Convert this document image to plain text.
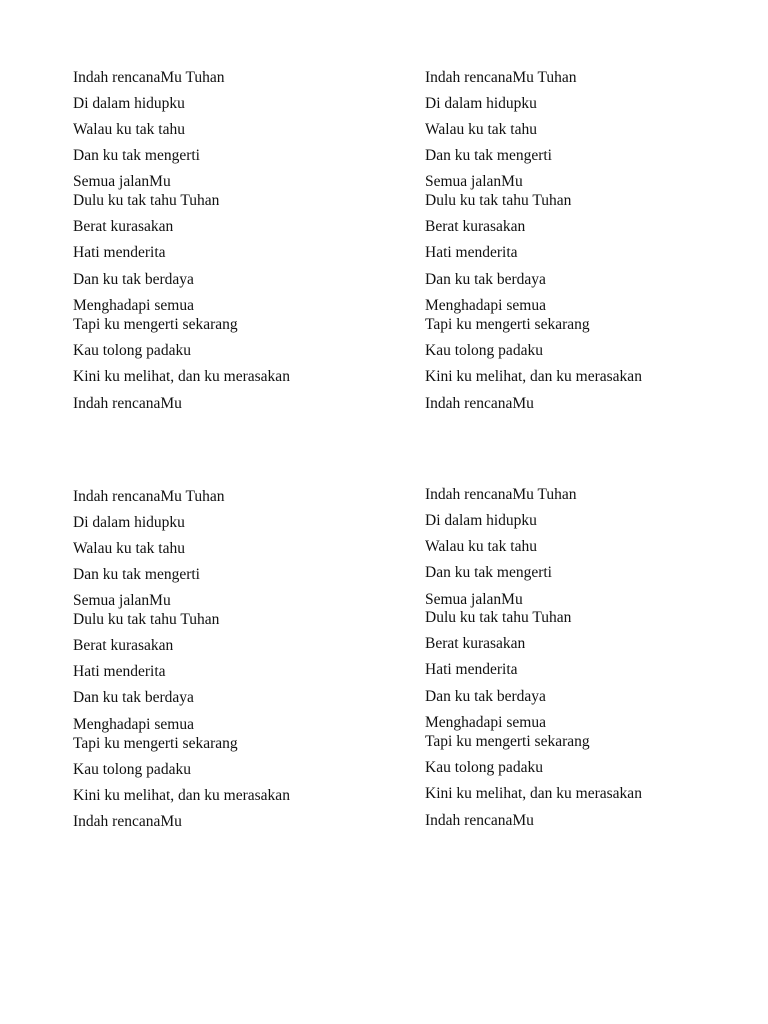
Indah rencanaMu Tuhan
Di dalam hidupku
Walau ku tak tahu
Dan ku tak mengerti
Semua jalanMu
Dulu ku tak tahu Tuhan
Berat kurasakan
Hati menderita
Dan ku tak berdaya
Menghadapi semua
Tapi ku mengerti sekarang
Kau tolong padaku
Kini ku melihat, dan ku merasakan
Indah rencanaMu
Indah rencanaMu Tuhan
Di dalam hidupku
Walau ku tak tahu
Dan ku tak mengerti
Semua jalanMu
Dulu ku tak tahu Tuhan
Berat kurasakan
Hati menderita
Dan ku tak berdaya
Menghadapi semua
Tapi ku mengerti sekarang
Kau tolong padaku
Kini ku melihat, dan ku merasakan
Indah rencanaMu
Indah rencanaMu Tuhan
Di dalam hidupku
Walau ku tak tahu
Dan ku tak mengerti
Semua jalanMu
Dulu ku tak tahu Tuhan
Berat kurasakan
Hati menderita
Dan ku tak berdaya
Menghadapi semua
Tapi ku mengerti sekarang
Kau tolong padaku
Kini ku melihat, dan ku merasakan
Indah rencanaMu
Indah rencanaMu Tuhan
Di dalam hidupku
Walau ku tak tahu
Dan ku tak mengerti
Semua jalanMu
Dulu ku tak tahu Tuhan
Berat kurasakan
Hati menderita
Dan ku tak berdaya
Menghadapi semua
Tapi ku mengerti sekarang
Kau tolong padaku
Kini ku melihat, dan ku merasakan
Indah rencanaMu
